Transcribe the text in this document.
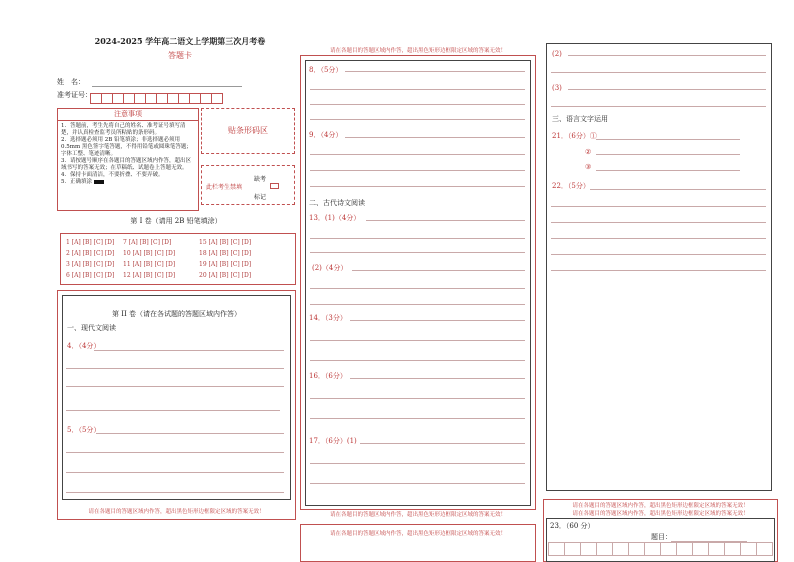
2024-2025 学年高二语文上学期第三次月考卷
答题卡
姓　名：
准考证号：
注意事项
1．答题前，考生先将自己的姓名、准考证号填写清楚，并认真检查监考员所粘贴的条形码。
2．选择题必须用 2B 铅笔填涂；非选择题必须用 0.5mm 黑色签字笔答题，不得用铅笔或圆珠笔答题；字体工整、笔迹清晰。
3．请按题号顺序在各题目的答题区域内作答，超出区域书写的答案无效；在草稿纸、试题卷上答题无效。
4．保持卡面清洁，不要折叠、不要弄破。
5．正确填涂
贴条形码区
此栏考生禁填
缺考
标记
第 I 卷（请用 2B 铅笔填涂）
1 [A] [B] [C] [D] 7 [A] [B] [C] [D]	15 [A] [B] [C] [D]
2 [A] [B] [C] [D] 10 [A] [B] [C] [D]	18 [A] [B] [C] [D]
3 [A] [B] [C] [D] 11 [A] [B] [C] [D]	19 [A] [B] [C] [D]
6 [A] [B] [C] [D] 12 [A] [B] [C] [D]	20 [A] [B] [C] [D]
第 II 卷（请在各试题的答题区域内作答）
一、现代文阅读
4．（4分）
5．（5分）
请在各题目的答题区域内作答，超出黑色矩形边框限定区域的答案无效！
请在各题目的答题区域内作答，超出黑色矩形边框限定区域的答案无效！
8．（5分）
9．（4分）
二、古代诗文阅读
13．(1)（4分）
(2)（4分）
14．（3分）
16．（6分）
17．（6分）(1)
请在各题目的答题区域内作答，超出黑色矩形边框限定区域的答案无效！
请在各题目的答题区域内作答，超出黑色矩形边框限定区域的答案无效！
(2)
(3)
三、语言文字运用
21．（6分）①
②
③
22．（5分）
请在各题目的答题区域内作答，超出黑色矩形边框限定区域的答案无效！
请在各题目的答题区域内作答，超出黑色矩形边框限定区域的答案无效！
23．（60 分）
题目：
